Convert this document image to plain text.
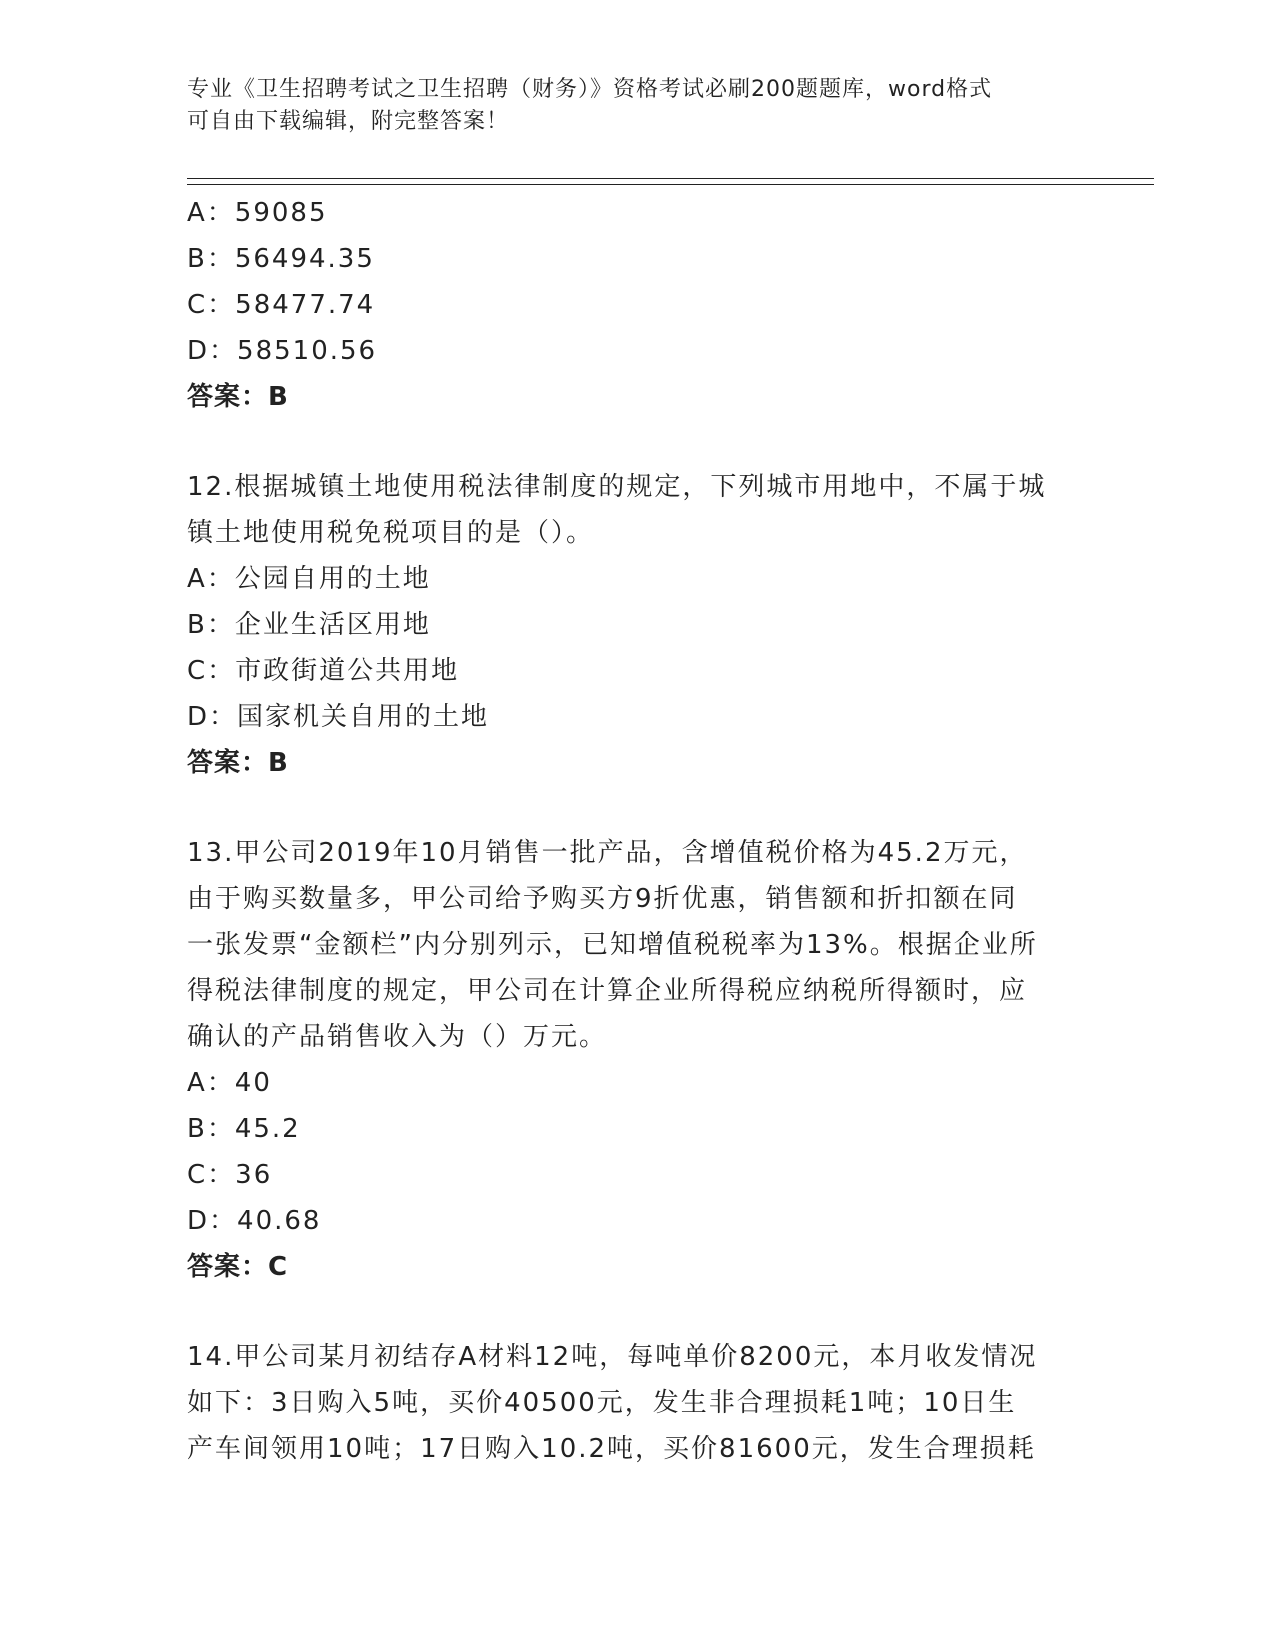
专业《卫生招聘考试之卫生招聘（财务）》资格考试必刷200题题库，word格式
可自由下载编辑，附完整答案！
A：59085
B：56494.35
C：58477.74
D：58510.56
答案：B
12.根据城镇土地使用税法律制度的规定，下列城市用地中，不属于城
镇土地使用税免税项目的是（）。
A：公园自用的土地
B：企业生活区用地
C：市政街道公共用地
D：国家机关自用的土地
答案：B
13.甲公司2019年10月销售一批产品，含增值税价格为45.2万元，
由于购买数量多，甲公司给予购买方9折优惠，销售额和折扣额在同
一张发票“金额栏”内分别列示，已知增值税税率为13%。根据企业所
得税法律制度的规定，甲公司在计算企业所得税应纳税所得额时，应
确认的产品销售收入为（）万元。
A：40
B：45.2
C：36
D：40.68
答案：C
14.甲公司某月初结存A材料12吨，每吨单价8200元，本月收发情况
如下：3日购入5吨，买价40500元，发生非合理损耗1吨；10日生
产车间领用10吨；17日购入10.2吨，买价81600元，发生合理损耗
